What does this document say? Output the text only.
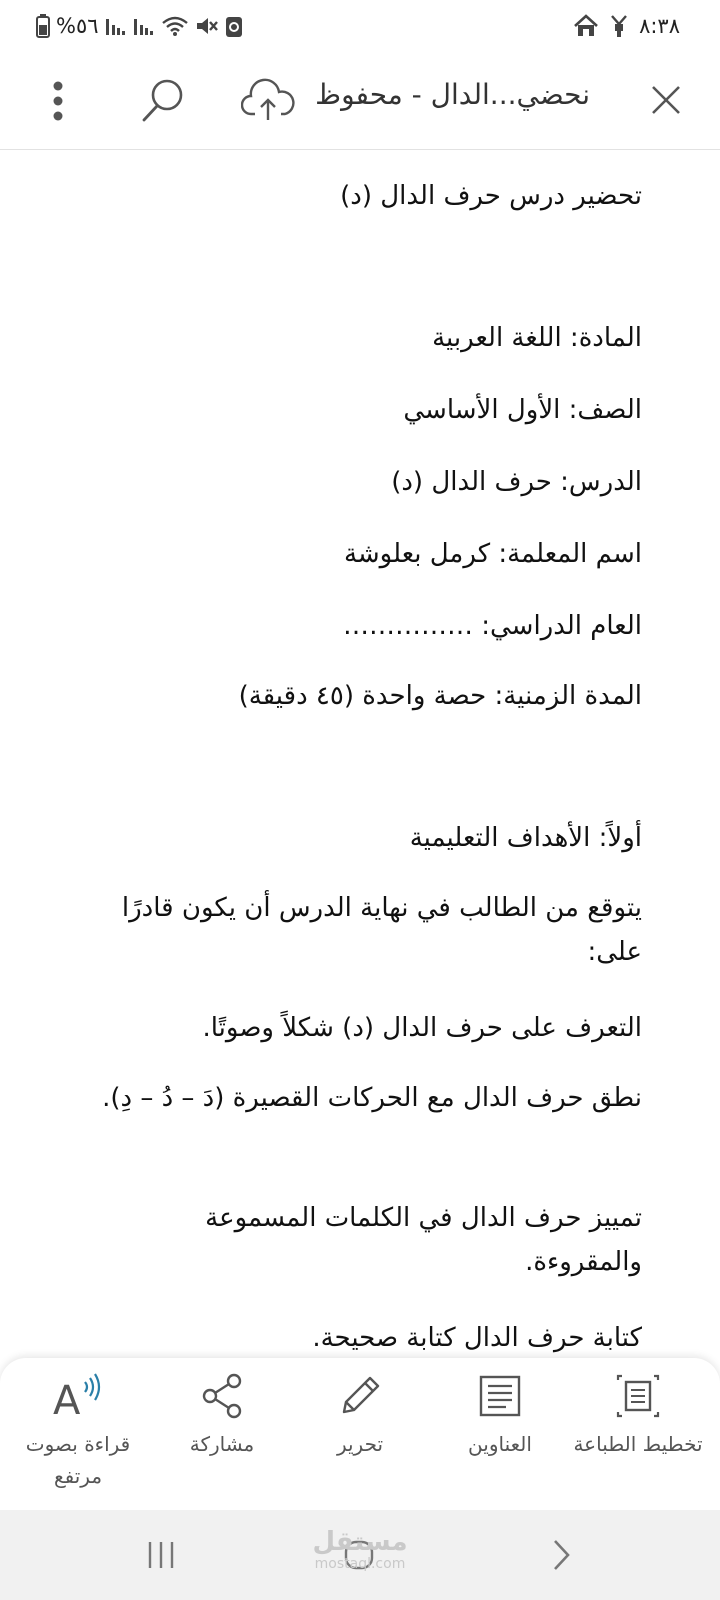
%٥٦	٨:٣٨
نحضي...الدال - محفوظ
تحضير درس حرف الدال (د)
المادة: اللغة العربية
الصف: الأول الأساسي
الدرس: حرف الدال (د)
اسم المعلمة: كرمل بعلوشة
العام الدراسي: ……………
المدة الزمنية: حصة واحدة (٤٥ دقيقة)
أولاً: الأهداف التعليمية
يتوقع من الطالب في نهاية الدرس أن يكون قادرًا على:
التعرف على حرف الدال (د) شكلاً وصوتًا.
نطق حرف الدال مع الحركات القصيرة (دَ – دُ – دِ).
تمييز حرف الدال في الكلمات المسموعة والمقروءة.
كتابة حرف الدال كتابة صحيحة.
A
قراءة بصوت مرتفع
مشاركة	تحرير	العناوين تخطيط الطباعة
مستقل
mostaql.com
